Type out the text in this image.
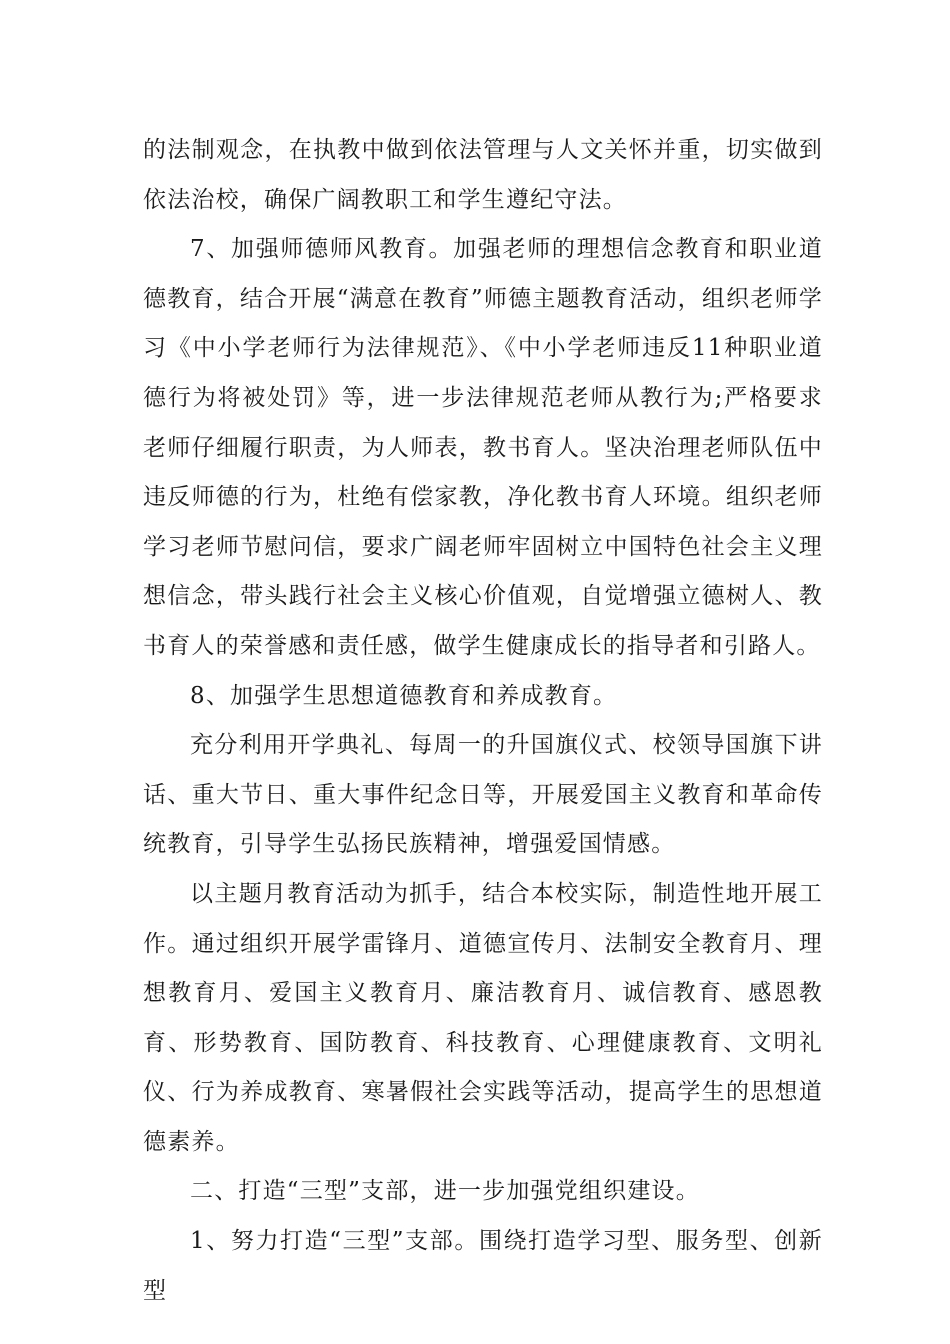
的法制观念，在执教中做到依法管理与人文关怀并重，切实做到依法治校，确保广阔教职工和学生遵纪守法。

7、加强师德师风教育。加强老师的理想信念教育和职业道德教育，结合开展“满意在教育”师德主题教育活动，组织老师学习《中小学老师行为法律规范》、《中小学老师违反11种职业道德行为将被处罚》等，进一步法律规范老师从教行为;严格要求老师仔细履行职责，为人师表，教书育人。坚决治理老师队伍中违反师德的行为，杜绝有偿家教，净化教书育人环境。组织老师学习老师节慰问信，要求广阔老师牢固树立中国特色社会主义理想信念，带头践行社会主义核心价值观，自觉增强立德树人、教书育人的荣誉感和责任感，做学生健康成长的指导者和引路人。

8、加强学生思想道德教育和养成教育。

充分利用开学典礼、每周一的升国旗仪式、校领导国旗下讲话、重大节日、重大事件纪念日等，开展爱国主义教育和革命传统教育，引导学生弘扬民族精神，增强爱国情感。

以主题月教育活动为抓手，结合本校实际，制造性地开展工作。通过组织开展学雷锋月、道德宣传月、法制安全教育月、理想教育月、爱国主义教育月、廉洁教育月、诚信教育、感恩教育、形势教育、国防教育、科技教育、心理健康教育、文明礼仪、行为养成教育、寒暑假社会实践等活动，提高学生的思想道德素养。

二、打造“三型”支部，进一步加强党组织建设。

1、努力打造“三型”支部。围绕打造学习型、服务型、创新型
